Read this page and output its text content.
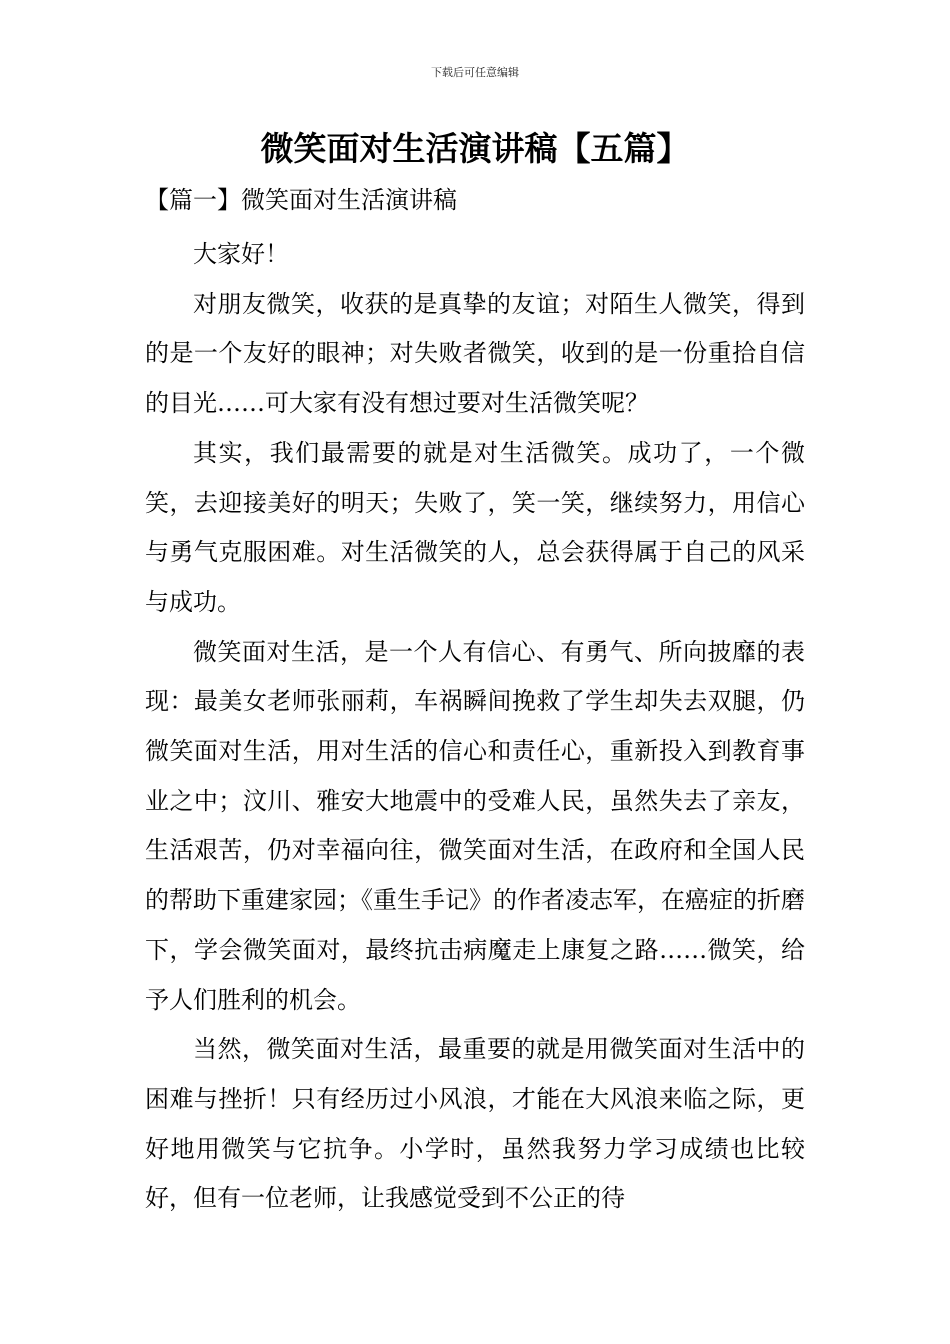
下载后可任意编辑
微笑面对生活演讲稿【五篇】
【篇一】微笑面对生活演讲稿

大家好！

对朋友微笑，收获的是真挚的友谊；对陌生人微笑，得到的是一个友好的眼神；对失败者微笑，收到的是一份重拾自信的目光……可大家有没有想过要对生活微笑呢？

其实，我们最需要的就是对生活微笑。成功了，一个微笑，去迎接美好的明天；失败了，笑一笑，继续努力，用信心与勇气克服困难。对生活微笑的人，总会获得属于自己的风采与成功。

微笑面对生活，是一个人有信心、有勇气、所向披靡的表现：最美女老师张丽莉，车祸瞬间挽救了学生却失去双腿，仍微笑面对生活，用对生活的信心和责任心，重新投入到教育事业之中；汶川、雅安大地震中的受难人民，虽然失去了亲友，生活艰苦，仍对幸福向往，微笑面对生活，在政府和全国人民的帮助下重建家园；《重生手记》的作者凌志军，在癌症的折磨下，学会微笑面对，最终抗击病魔走上康复之路……微笑，给予人们胜利的机会。

当然，微笑面对生活，最重要的就是用微笑面对生活中的困难与挫折！只有经历过小风浪，才能在大风浪来临之际，更好地用微笑与它抗争。小学时，虽然我努力学习成绩也比较好，但有一位老师，让我感觉受到不公正的待
